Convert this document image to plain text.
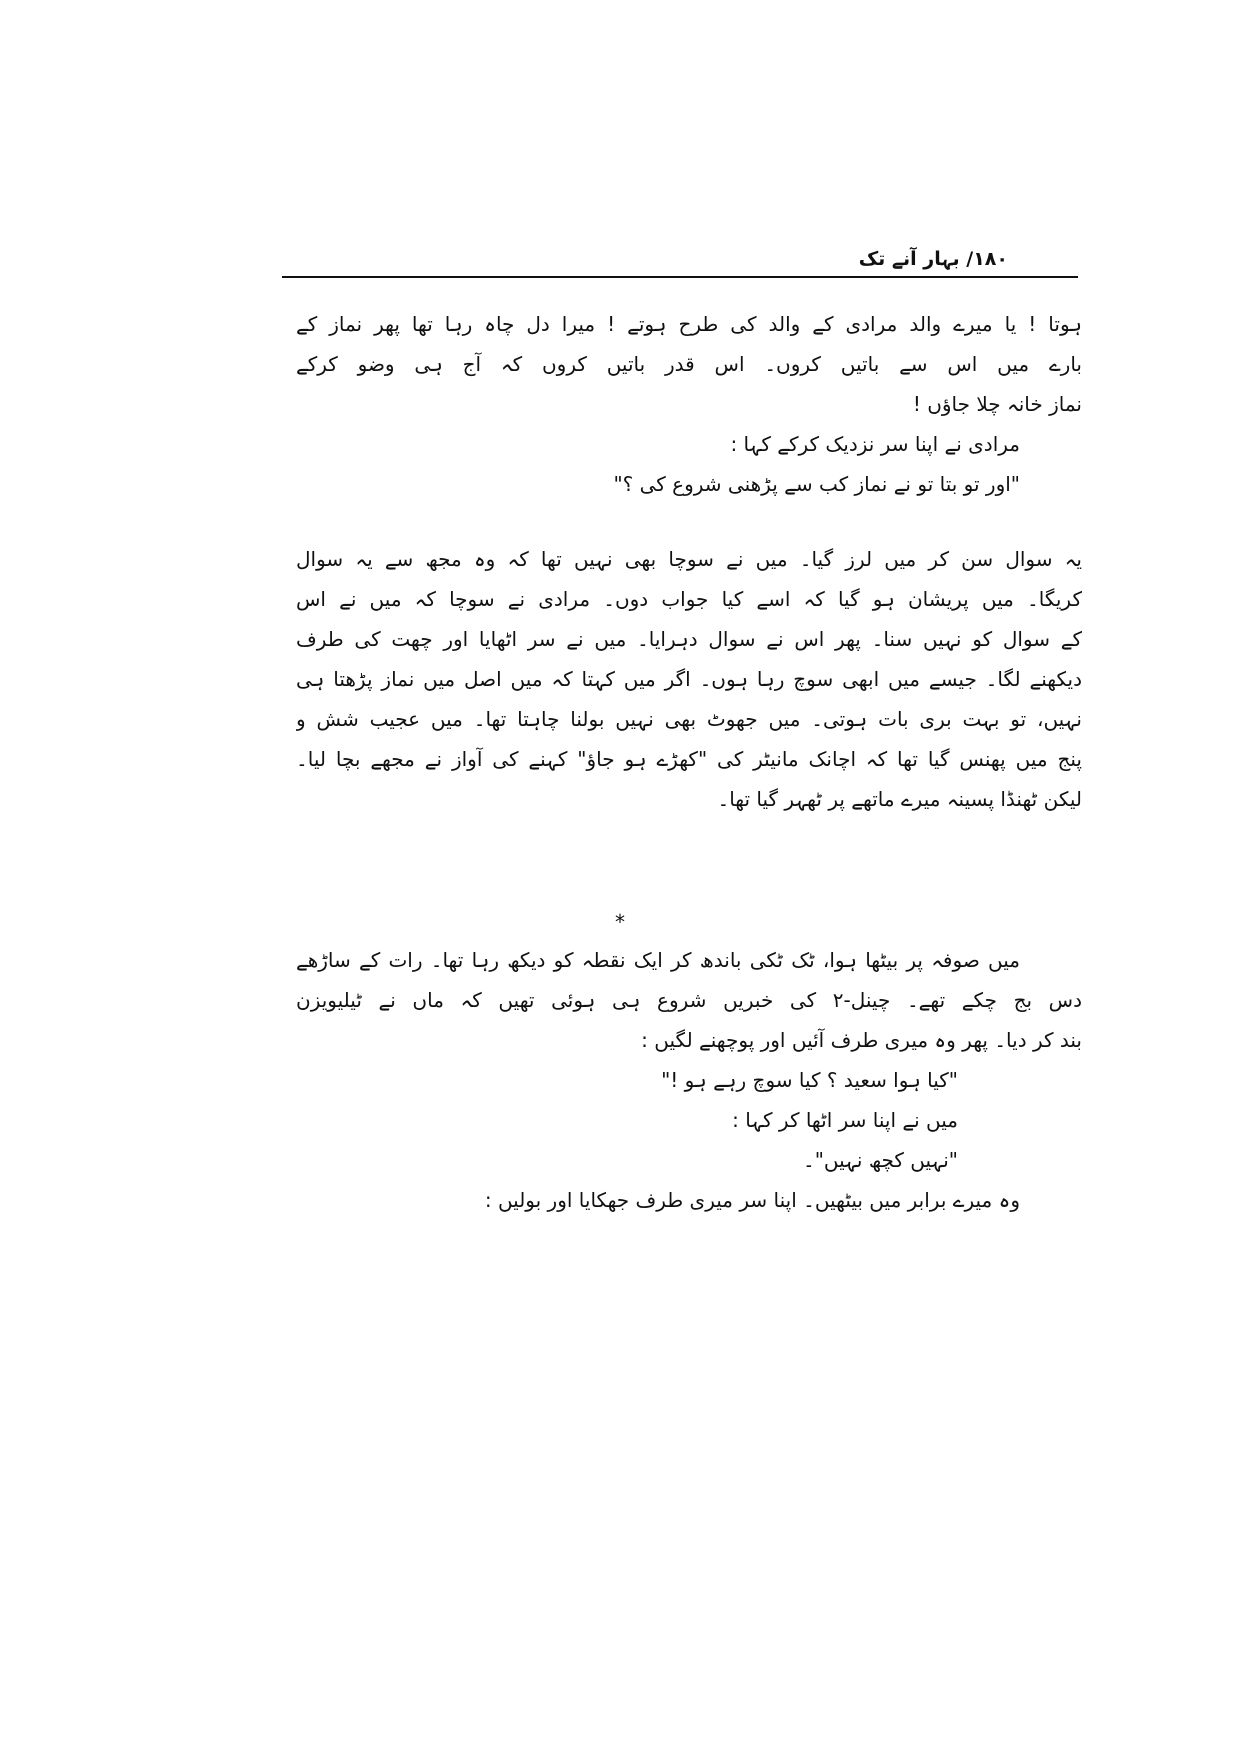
۱۸۰/ بہار آنے تک
ہوتا ! یا میرے والد مرادی کے والد کی طرح ہوتے ! میرا دل چاہ رہا تھا پھر نماز کے
بارے میں اس سے باتیں کروں۔ اس قدر باتیں کروں کہ آج ہی وضو کرکے
نماز خانہ چلا جاؤں !
مرادی نے اپنا سر نزدیک کرکے کہا :
"اور تو بتا تو نے نماز کب سے پڑھنی شروع کی ؟"
یہ سوال سن کر میں لرز گیا۔ میں نے سوچا بھی نہیں تھا کہ وہ مجھ سے یہ سوال
کریگا۔ میں پریشان ہو گیا کہ اسے کیا جواب دوں۔ مرادی نے سوچا کہ میں نے اس
کے سوال کو نہیں سنا۔ پھر اس نے سوال دہرایا۔ میں نے سر اٹھایا اور چھت کی طرف
دیکھنے لگا۔ جیسے میں ابھی سوچ رہا ہوں۔ اگر میں کہتا کہ میں اصل میں نماز پڑھتا ہی
نہیں، تو بہت بری بات ہوتی۔ میں جھوٹ بھی نہیں بولنا چاہتا تھا۔ میں عجیب شش و
پنج میں پھنس گیا تھا کہ اچانک مانیٹر کی "کھڑے ہو جاؤ" کہنے کی آواز نے مجھے بچا لیا۔
لیکن ٹھنڈا پسینہ میرے ماتھے پر ٹھہر گیا تھا۔
*
میں صوفہ پر بیٹھا ہوا، ٹک ٹکی باندھ کر ایک نقطہ کو دیکھ رہا تھا۔ رات کے ساڑھے
دس بج چکے تھے۔ چینل-۲ کی خبریں شروع ہی ہوئی تھیں کہ ماں نے ٹیلیویزن
بند کر دیا۔ پھر وہ میری طرف آئیں اور پوچھنے لگیں :
"کیا ہوا سعید ؟ کیا سوچ رہے ہو !"
میں نے اپنا سر اٹھا کر کہا :
"نہیں کچھ نہیں"۔
وہ میرے برابر میں بیٹھیں۔ اپنا سر میری طرف جھکایا اور بولیں :
